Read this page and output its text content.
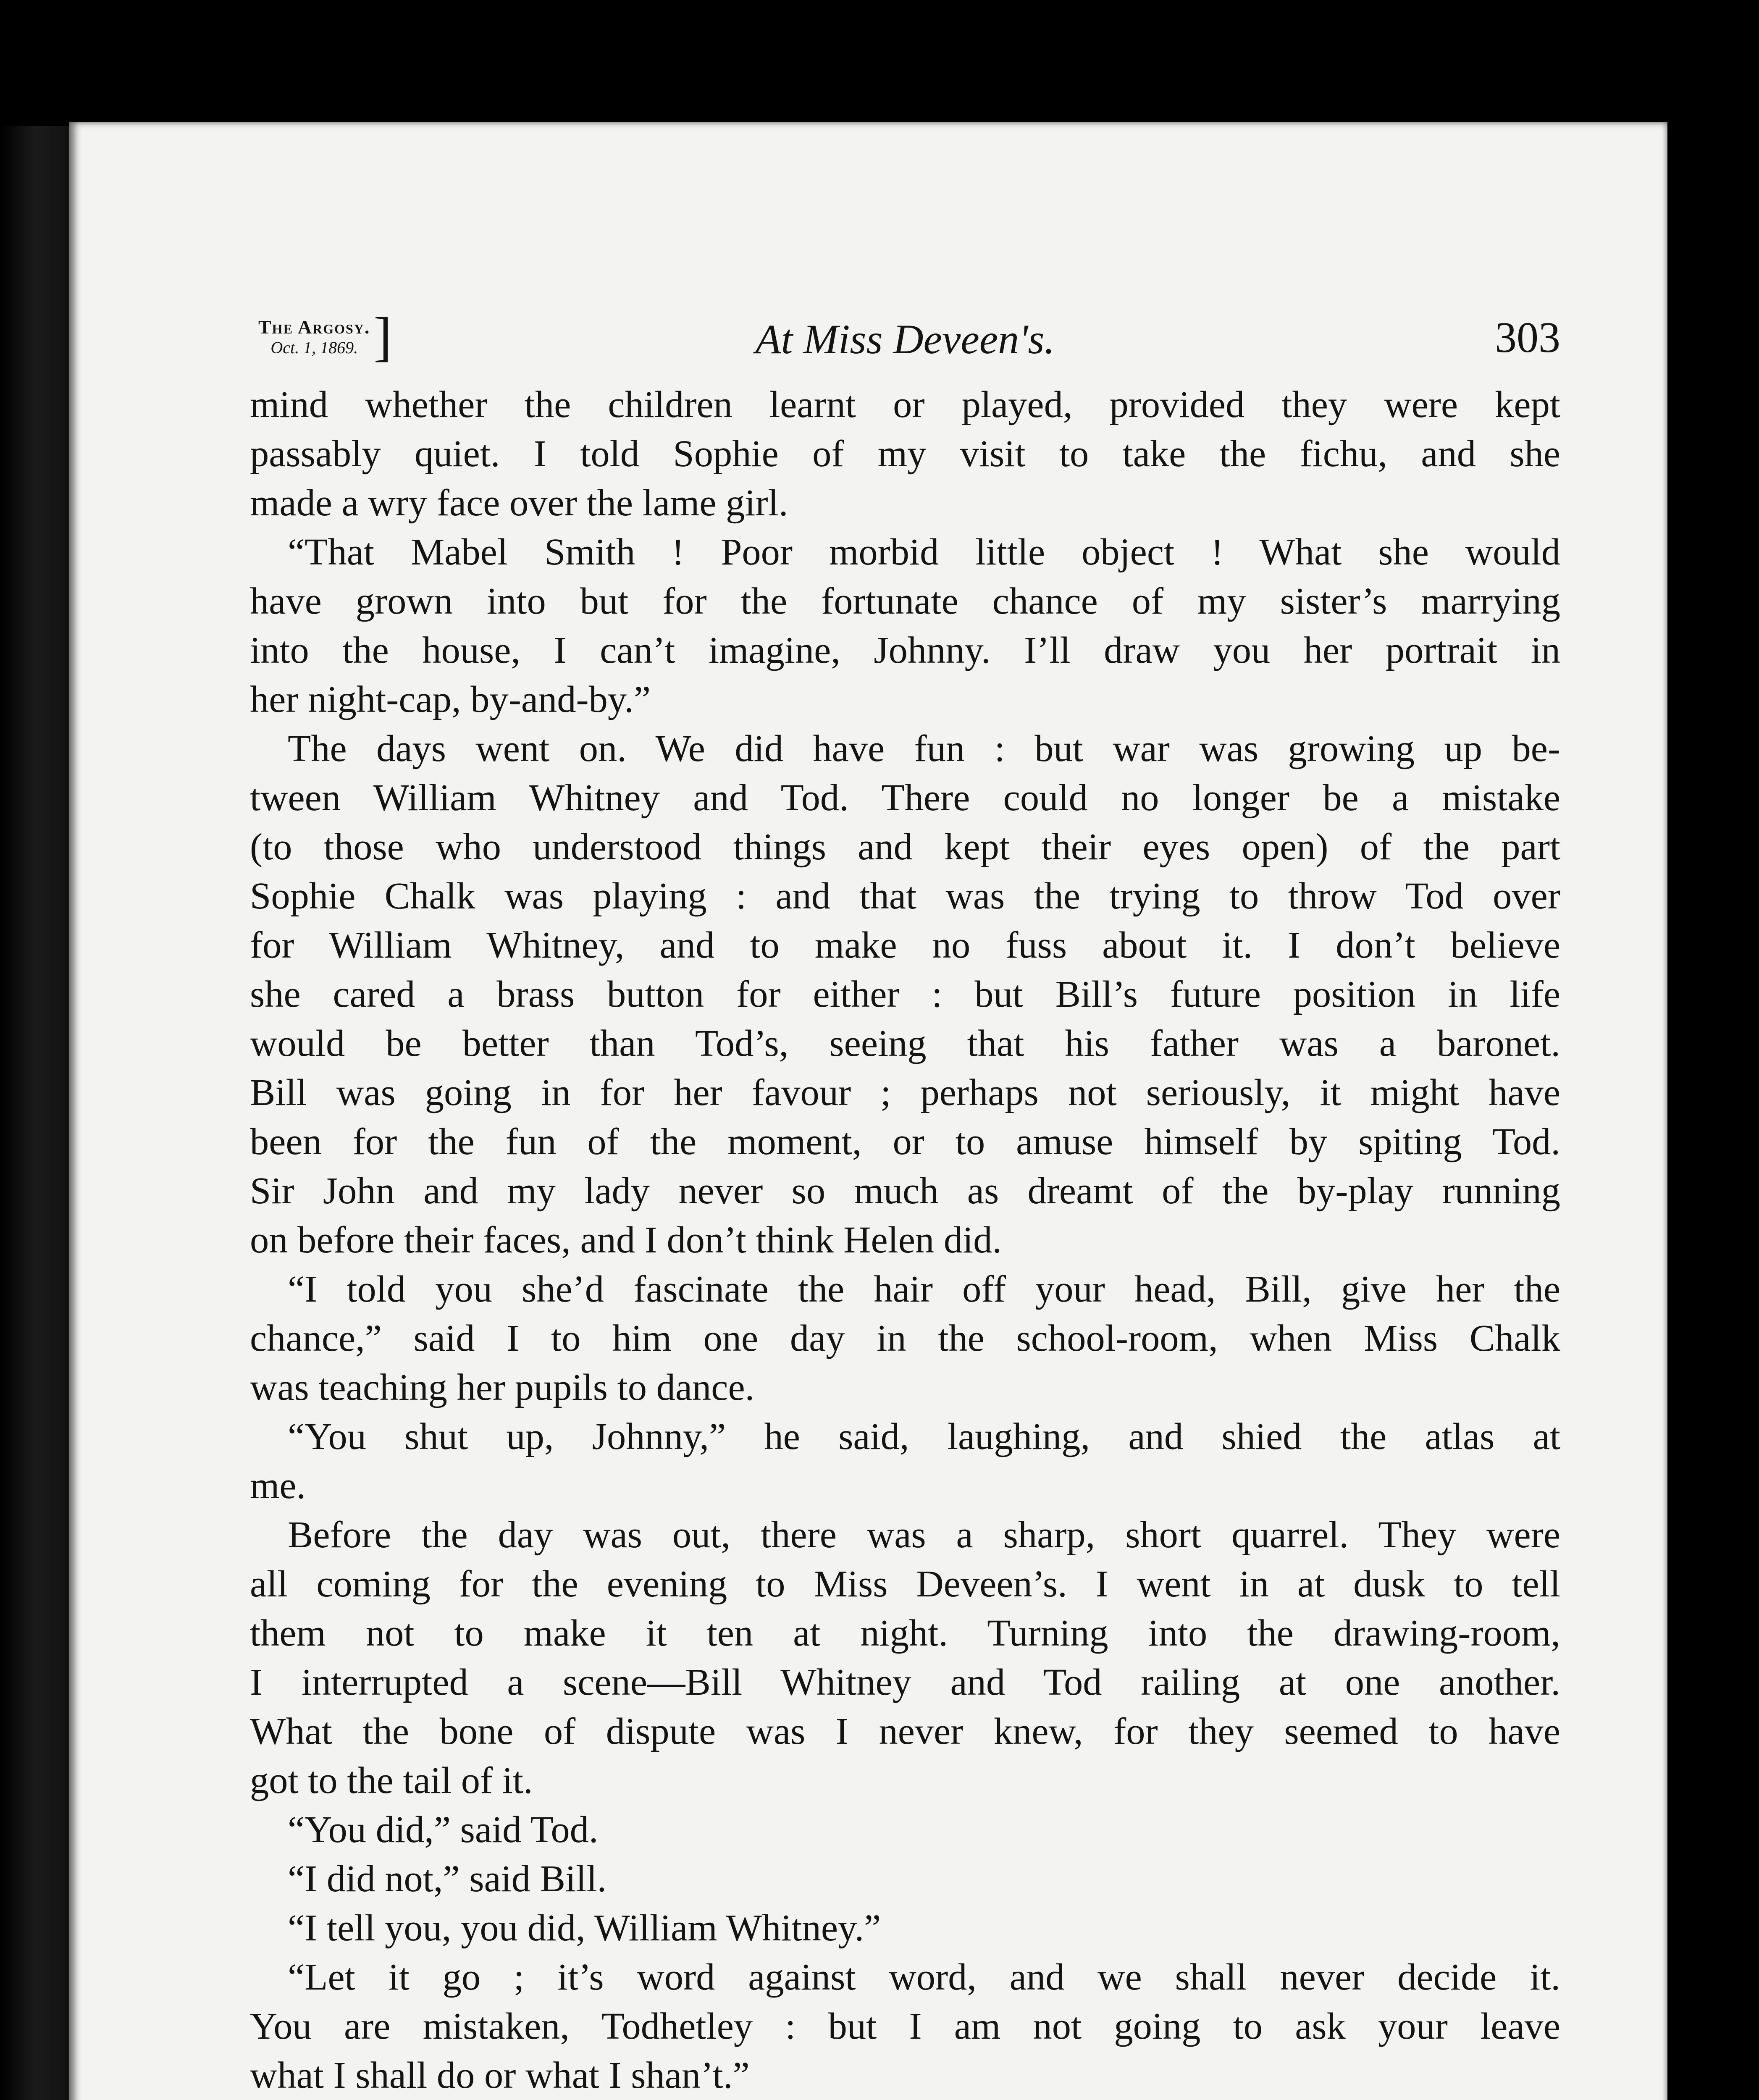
The Argosy.
Oct. 1, 1869. ]	At Miss Deveen's.	303

mind whether the children learnt or played, provided they were kept
passably quiet. I told Sophie of my visit to take the fichu, and she
made a wry face over the lame girl.

“That Mabel Smith ! Poor morbid little object ! What she would
have grown into but for the fortunate chance of my sister’s marrying
into the house, I can’t imagine, Johnny. I’ll draw you her portrait in
her night-cap, by-and-by.”

The days went on. We did have fun : but war was growing up be-
tween William Whitney and Tod. There could no longer be a mistake
(to those who understood things and kept their eyes open) of the part
Sophie Chalk was playing : and that was the trying to throw Tod over
for William Whitney, and to make no fuss about it. I don’t believe
she cared a brass button for either : but Bill’s future position in life
would be better than Tod’s, seeing that his father was a baronet.
Bill was going in for her favour ; perhaps not seriously, it might have
been for the fun of the moment, or to amuse himself by spiting Tod.
Sir John and my lady never so much as dreamt of the by-play running
on before their faces, and I don’t think Helen did.

“I told you she’d fascinate the hair off your head, Bill, give her the
chance,” said I to him one day in the school-room, when Miss Chalk
was teaching her pupils to dance.

“You shut up, Johnny,” he said, laughing, and shied the atlas at
me.

Before the day was out, there was a sharp, short quarrel. They were
all coming for the evening to Miss Deveen’s. I went in at dusk to tell
them not to make it ten at night. Turning into the drawing-room,
I interrupted a scene—Bill Whitney and Tod railing at one another.
What the bone of dispute was I never knew, for they seemed to have
got to the tail of it.

“You did,” said Tod.

“I did not,” said Bill.

“I tell you, you did, William Whitney.”

“Let it go ; it’s word against word, and we shall never decide it.
You are mistaken, Todhetley : but I am not going to ask your leave
what I shall do or what I shan’t.”
